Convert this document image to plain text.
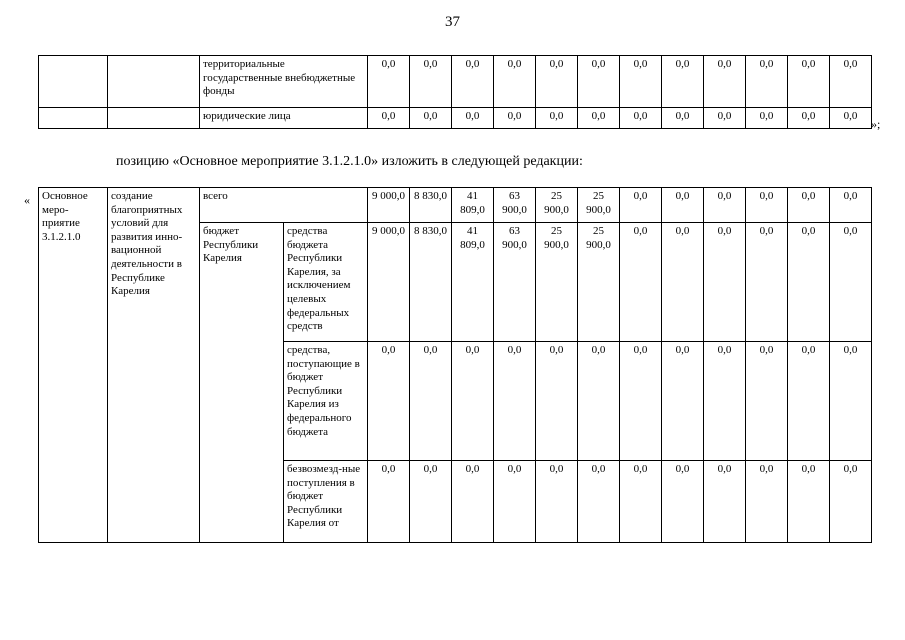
37
		территориальные государственные внебюджетные фонды	0,0	0,0	0,0	0,0	0,0	0,0	0,0	0,0	0,0	0,0	0,0	0,0
		юридические лица	0,0	0,0	0,0	0,0	0,0	0,0	0,0	0,0	0,0	0,0	0,0	0,0
»;
позицию «Основное мероприятие 3.1.2.1.0» изложить в следующей редакции:
« Основное меро-приятие 3.1.2.1.0	создание благоприятных условий для развития инно-вационной деятельности в Республике Карелия	всего		9 000,0	8 830,0	41 809,0	63 900,0	25 900,0	25 900,0	0,0	0,0	0,0	0,0	0,0	0,0
		бюджет Республики Карелия	средства бюджета Республики Карелия, за исключением целевых федеральных средств	9 000,0	8 830,0	41 809,0	63 900,0	25 900,0	25 900,0	0,0	0,0	0,0	0,0	0,0	0,0
			средства, поступающие в бюджет Республики Карелия из федерального бюджета	0,0	0,0	0,0	0,0	0,0	0,0	0,0	0,0	0,0	0,0	0,0	0,0
			безвозмезд-ные поступления в бюджет Республики Карелия от	0,0	0,0	0,0	0,0	0,0	0,0	0,0	0,0	0,0	0,0	0,0	0,0
